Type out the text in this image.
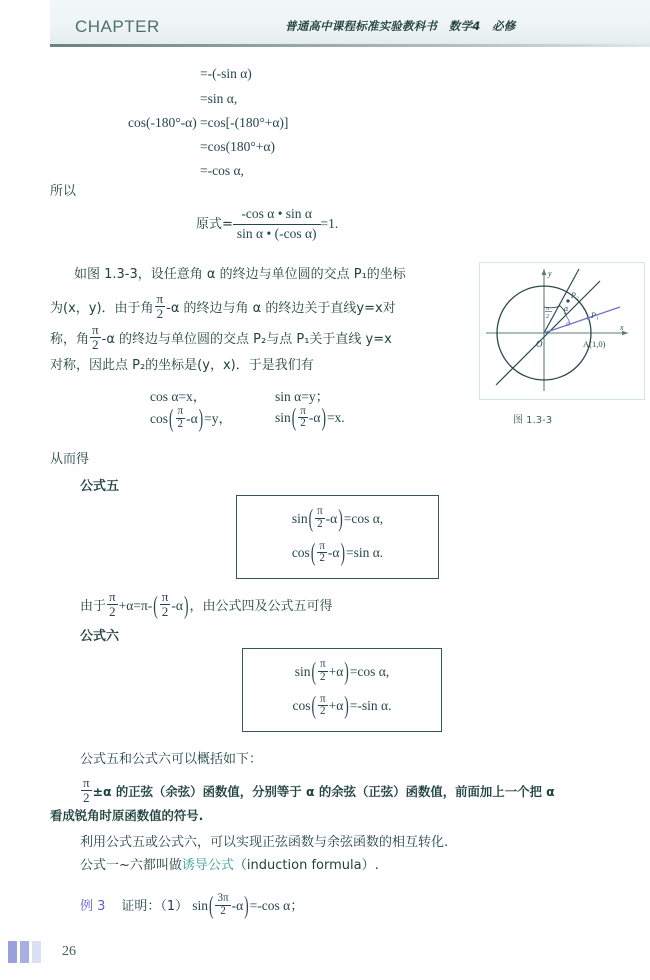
CHAPTER	普通高中课程标准实验教科书　数学4　必修
=-(-sin α)
=sin α,
cos(-180°-α) =cos[-(180°+α)]
=cos(180°+α)
=-cos α,
所以
原式= $\frac{\text{-cos α • sin α}}{\text{sin α • (-cos α)}} =1$.
如图 1.3-3，设任意角 α 的终边与单位圆的交点 P₁的坐标
为(x，y)．由于角 $\frac{\pi}{2} -\alpha$ 的终边与角 α 的终边关于直线y=x对
称，角 $\frac{\pi}{2} -\alpha$ 的终边与单位圆的交点 P₂与点 P₁关于直线 y=x
对称，因此点 P₂的坐标是(y，x)．于是我们有
cos α=x，	sin α=y；
$\cos( \frac{\pi}{2} -\alpha)=y$，	$\sin( \frac{\pi}{2} -\alpha)=x$.
y
x
O	A(1,0)
P₂
P₁
α
α
π
2
图 1.3-3
从而得
公式五
$\sin( \frac{\pi}{2} -\alpha)=\cos$ α,
$\cos( \frac{\pi}{2} -\alpha)=\sin$ α.
由于 $\frac{\pi}{2} +\alpha=\pi-( \frac{\pi}{2} -\alpha)$，由公式四及公式五可得
公式六
$\sin( \frac{\pi}{2} +\alpha)=\cos$ α,
$\cos( \frac{\pi}{2} +\alpha)=-\sin$ α.
公式五和公式六可以概括如下：
$\frac{\pi}{2} \pm\alpha$ 的正弦（余弦）函数值，分别等于 α 的余弦（正弦）函数值，前面加上一个把 α
看成锐角时原函数值的符号.
利用公式五或公式六，可以实现正弦函数与余弦函数的相互转化.
公式一~六都叫做诱导公式（induction formula）.
例 3 证明：（1） $\sin( \frac{3\pi}{2} -\alpha)=-\cos$ α；
26
